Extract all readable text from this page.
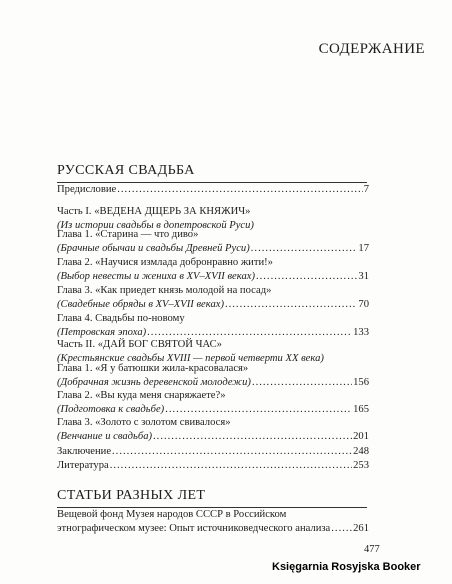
СОДЕРЖАНИЕ
РУССКАЯ СВАДЬБА
Предисловие .....	7
Часть I. «ВЕДЕНА ДЩЕРЬ ЗА КНЯЖИЧ»
(Из истории свадьбы в допетровской Руси)
Глава 1. «Старина — что диво»
(Брачные обычаи и свадьбы Древней Руси) .....	17
Глава 2. «Научися измлада добронравно жити!»
(Выбор невесты и жениха в XV–XVII веках) .....	31
Глава 3. «Как приедет князь молодой на посад»
(Свадебные обряды в XV–XVII веках) .....	70
Глава 4. Свадьбы по-новому
(Петровская эпоха) .....	133
Часть II. «ДАЙ БОГ СВЯТОЙ ЧАС»
(Крестьянские свадьбы XVIII — первой четверти XX века)
Глава 1. «Я у батюшки жила-красовалася»
(Добрачная жизнь деревенской молодежи) .....	156
Глава 2. «Вы куда меня снаряжаете?»
(Подготовка к свадьбе) .....	165
Глава 3. «Золото с золотом свивалося»
(Венчание и свадьба) .....	201
Заключение .....	248
Литература .....	253
СТАТЬИ РАЗНЫХ ЛЕТ
Вещевой фонд Музея народов СССР в Российском
этнографическом музее: Опыт источниковедческого анализа ..... 261
477
Księgarnia Rosyjska Booker
